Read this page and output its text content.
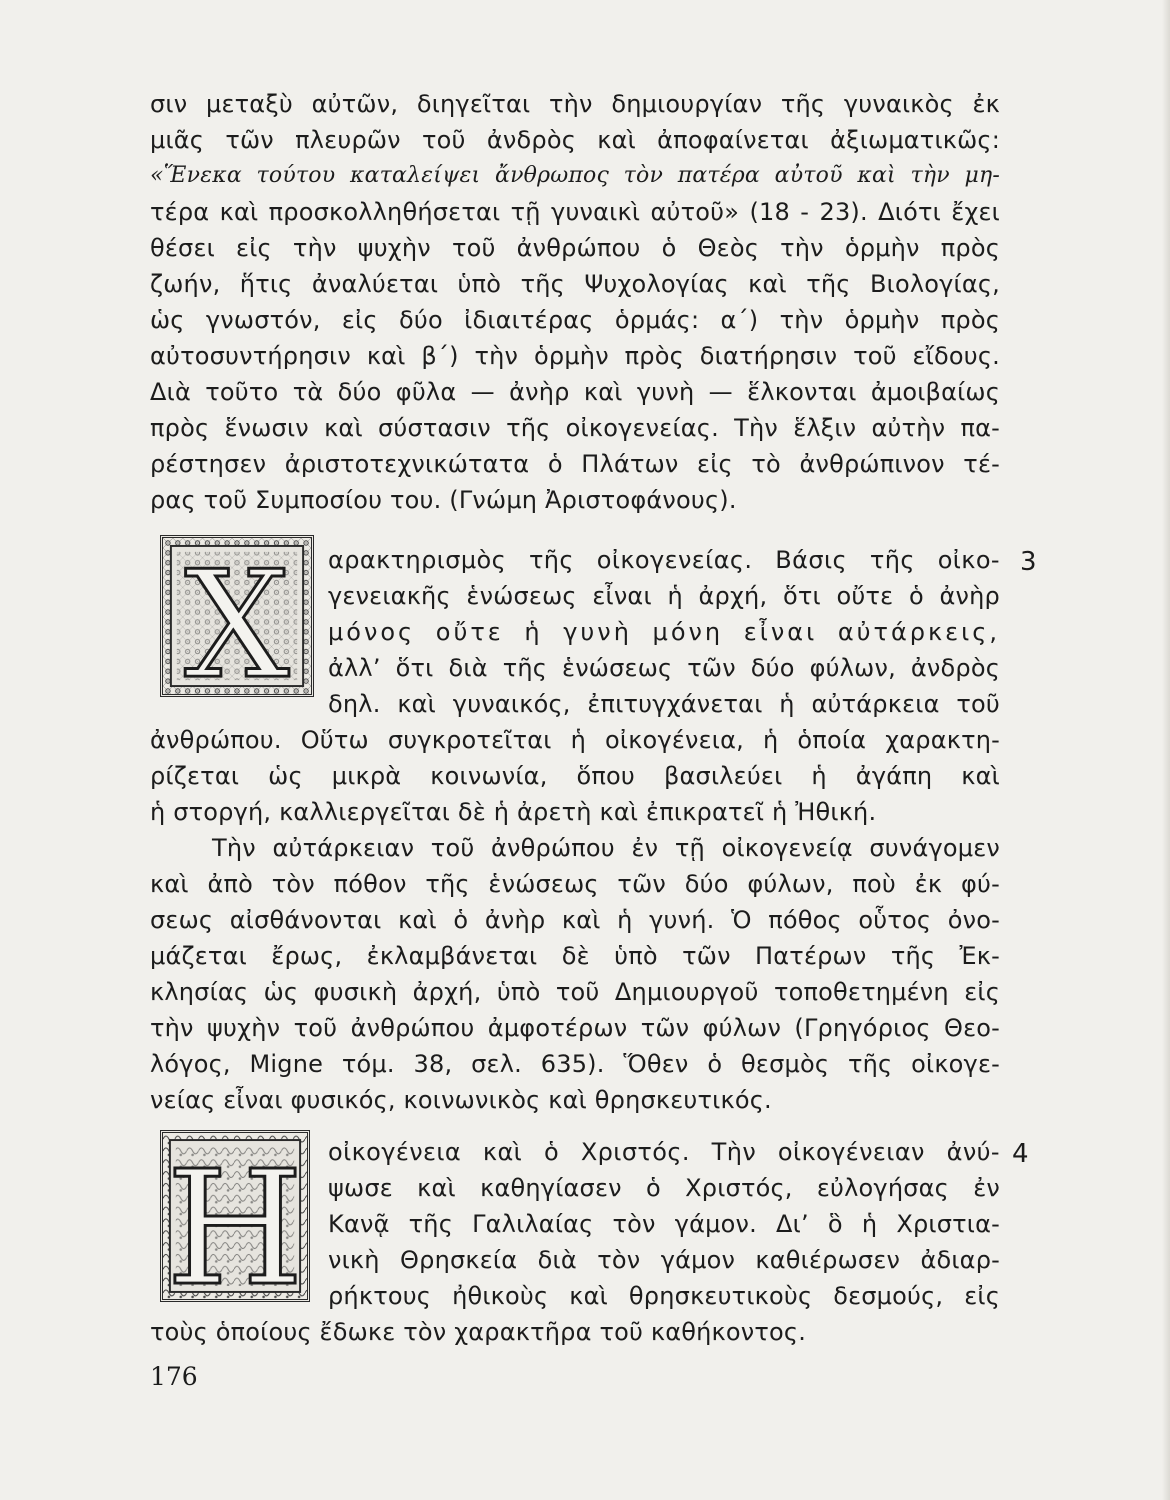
σιν μεταξὺ αὐτῶν, διηγεῖται τὴν δημιουργίαν τῆς γυναικὸς ἐκ
μιᾶς τῶν πλευρῶν τοῦ ἀνδρὸς καὶ ἀποφαίνεται ἀξιωματικῶς:
«Ἕνεκα τούτου καταλείψει ἄνθρωπος τὸν πατέρα αὐτοῦ καὶ τὴν μη-
τέρα καὶ προσκολληθήσεται τῇ γυναικὶ αὐτοῦ» (18 - 23). Διότι ἔχει
θέσει εἰς τὴν ψυχὴν τοῦ ἀνθρώπου ὁ Θεὸς τὴν ὁρμὴν πρὸς
ζωήν, ἥτις ἀναλύεται ὑπὸ τῆς Ψυχολογίας καὶ τῆς Βιολογίας,
ὡς γνωστόν, εἰς δύο ἰδιαιτέρας ὁρμάς: α΄) τὴν ὁρμὴν πρὸς
αὐτοσυντήρησιν καὶ β΄) τὴν ὁρμὴν πρὸς διατήρησιν τοῦ εἴδους.
Διὰ τοῦτο τὰ δύο φῦλα — ἀνὴρ καὶ γυνὴ — ἕλκονται ἀμοιβαίως
πρὸς ἕνωσιν καὶ σύστασιν τῆς οἰκογενείας. Τὴν ἕλξιν αὐτὴν πα-
ρέστησεν ἀριστοτεχνικώτατα ὁ Πλάτων εἰς τὸ ἀνθρώπινον τέ-
ρας τοῦ Συμποσίου του. (Γνώμη Ἀριστοφάνους).
Χ αρακτηρισμὸς τῆς οἰκογενείας. Βάσις τῆς οἰκο- 3
γενειακῆς ἑνώσεως εἶναι ἡ ἀρχή, ὅτι οὔτε ὁ ἀνὴρ
μόνος οὔτε ἡ γυνὴ μόνη εἶναι αὐτάρκεις,
ἀλλ’ ὅτι διὰ τῆς ἑνώσεως τῶν δύο φύλων, ἀνδρὸς
δηλ. καὶ γυναικός, ἐπιτυγχάνεται ἡ αὐτάρκεια τοῦ
ἀνθρώπου. Οὕτω συγκροτεῖται ἡ οἰκογένεια, ἡ ὁποία χαρακτη-
ρίζεται ὡς μικρὰ κοινωνία, ὅπου βασιλεύει ἡ ἀγάπη καὶ
ἡ στοργή, καλλιεργεῖται δὲ ἡ ἀρετὴ καὶ ἐπικρατεῖ ἡ Ἠθική.
Τὴν αὐτάρκειαν τοῦ ἀνθρώπου ἐν τῇ οἰκογενείᾳ συνάγομεν
καὶ ἀπὸ τὸν πόθον τῆς ἑνώσεως τῶν δύο φύλων, ποὺ ἐκ φύ-
σεως αἰσθάνονται καὶ ὁ ἀνὴρ καὶ ἡ γυνή. Ὁ πόθος οὗτος ὀνο-
μάζεται ἔρως, ἐκλαμβάνεται δὲ ὑπὸ τῶν Πατέρων τῆς Ἐκ-
κλησίας ὡς φυσικὴ ἀρχή, ὑπὸ τοῦ Δημιουργοῦ τοποθετημένη εἰς
τὴν ψυχὴν τοῦ ἀνθρώπου ἀμφοτέρων τῶν φύλων (Γρηγόριος Θεο-
λόγος, Migne τόμ. 38, σελ. 635). Ὅθεν ὁ θεσμὸς τῆς οἰκογε-
νείας εἶναι φυσικός, κοινωνικὸς καὶ θρησκευτικός.
Η οἰκογένεια καὶ ὁ Χριστός. Τὴν οἰκογένειαν ἀνύ- 4
ψωσε καὶ καθηγίασεν ὁ Χριστός, εὐλογήσας ἐν
Κανᾷ τῆς Γαλιλαίας τὸν γάμον. Δι’ ὃ ἡ Χριστια-
νικὴ Θρησκεία διὰ τὸν γάμον καθιέρωσεν ἀδιαρ-
ρήκτους ἠθικοὺς καὶ θρησκευτικοὺς δεσμούς, εἰς
τοὺς ὁποίους ἔδωκε τὸν χαρακτῆρα τοῦ καθήκοντος.
176
